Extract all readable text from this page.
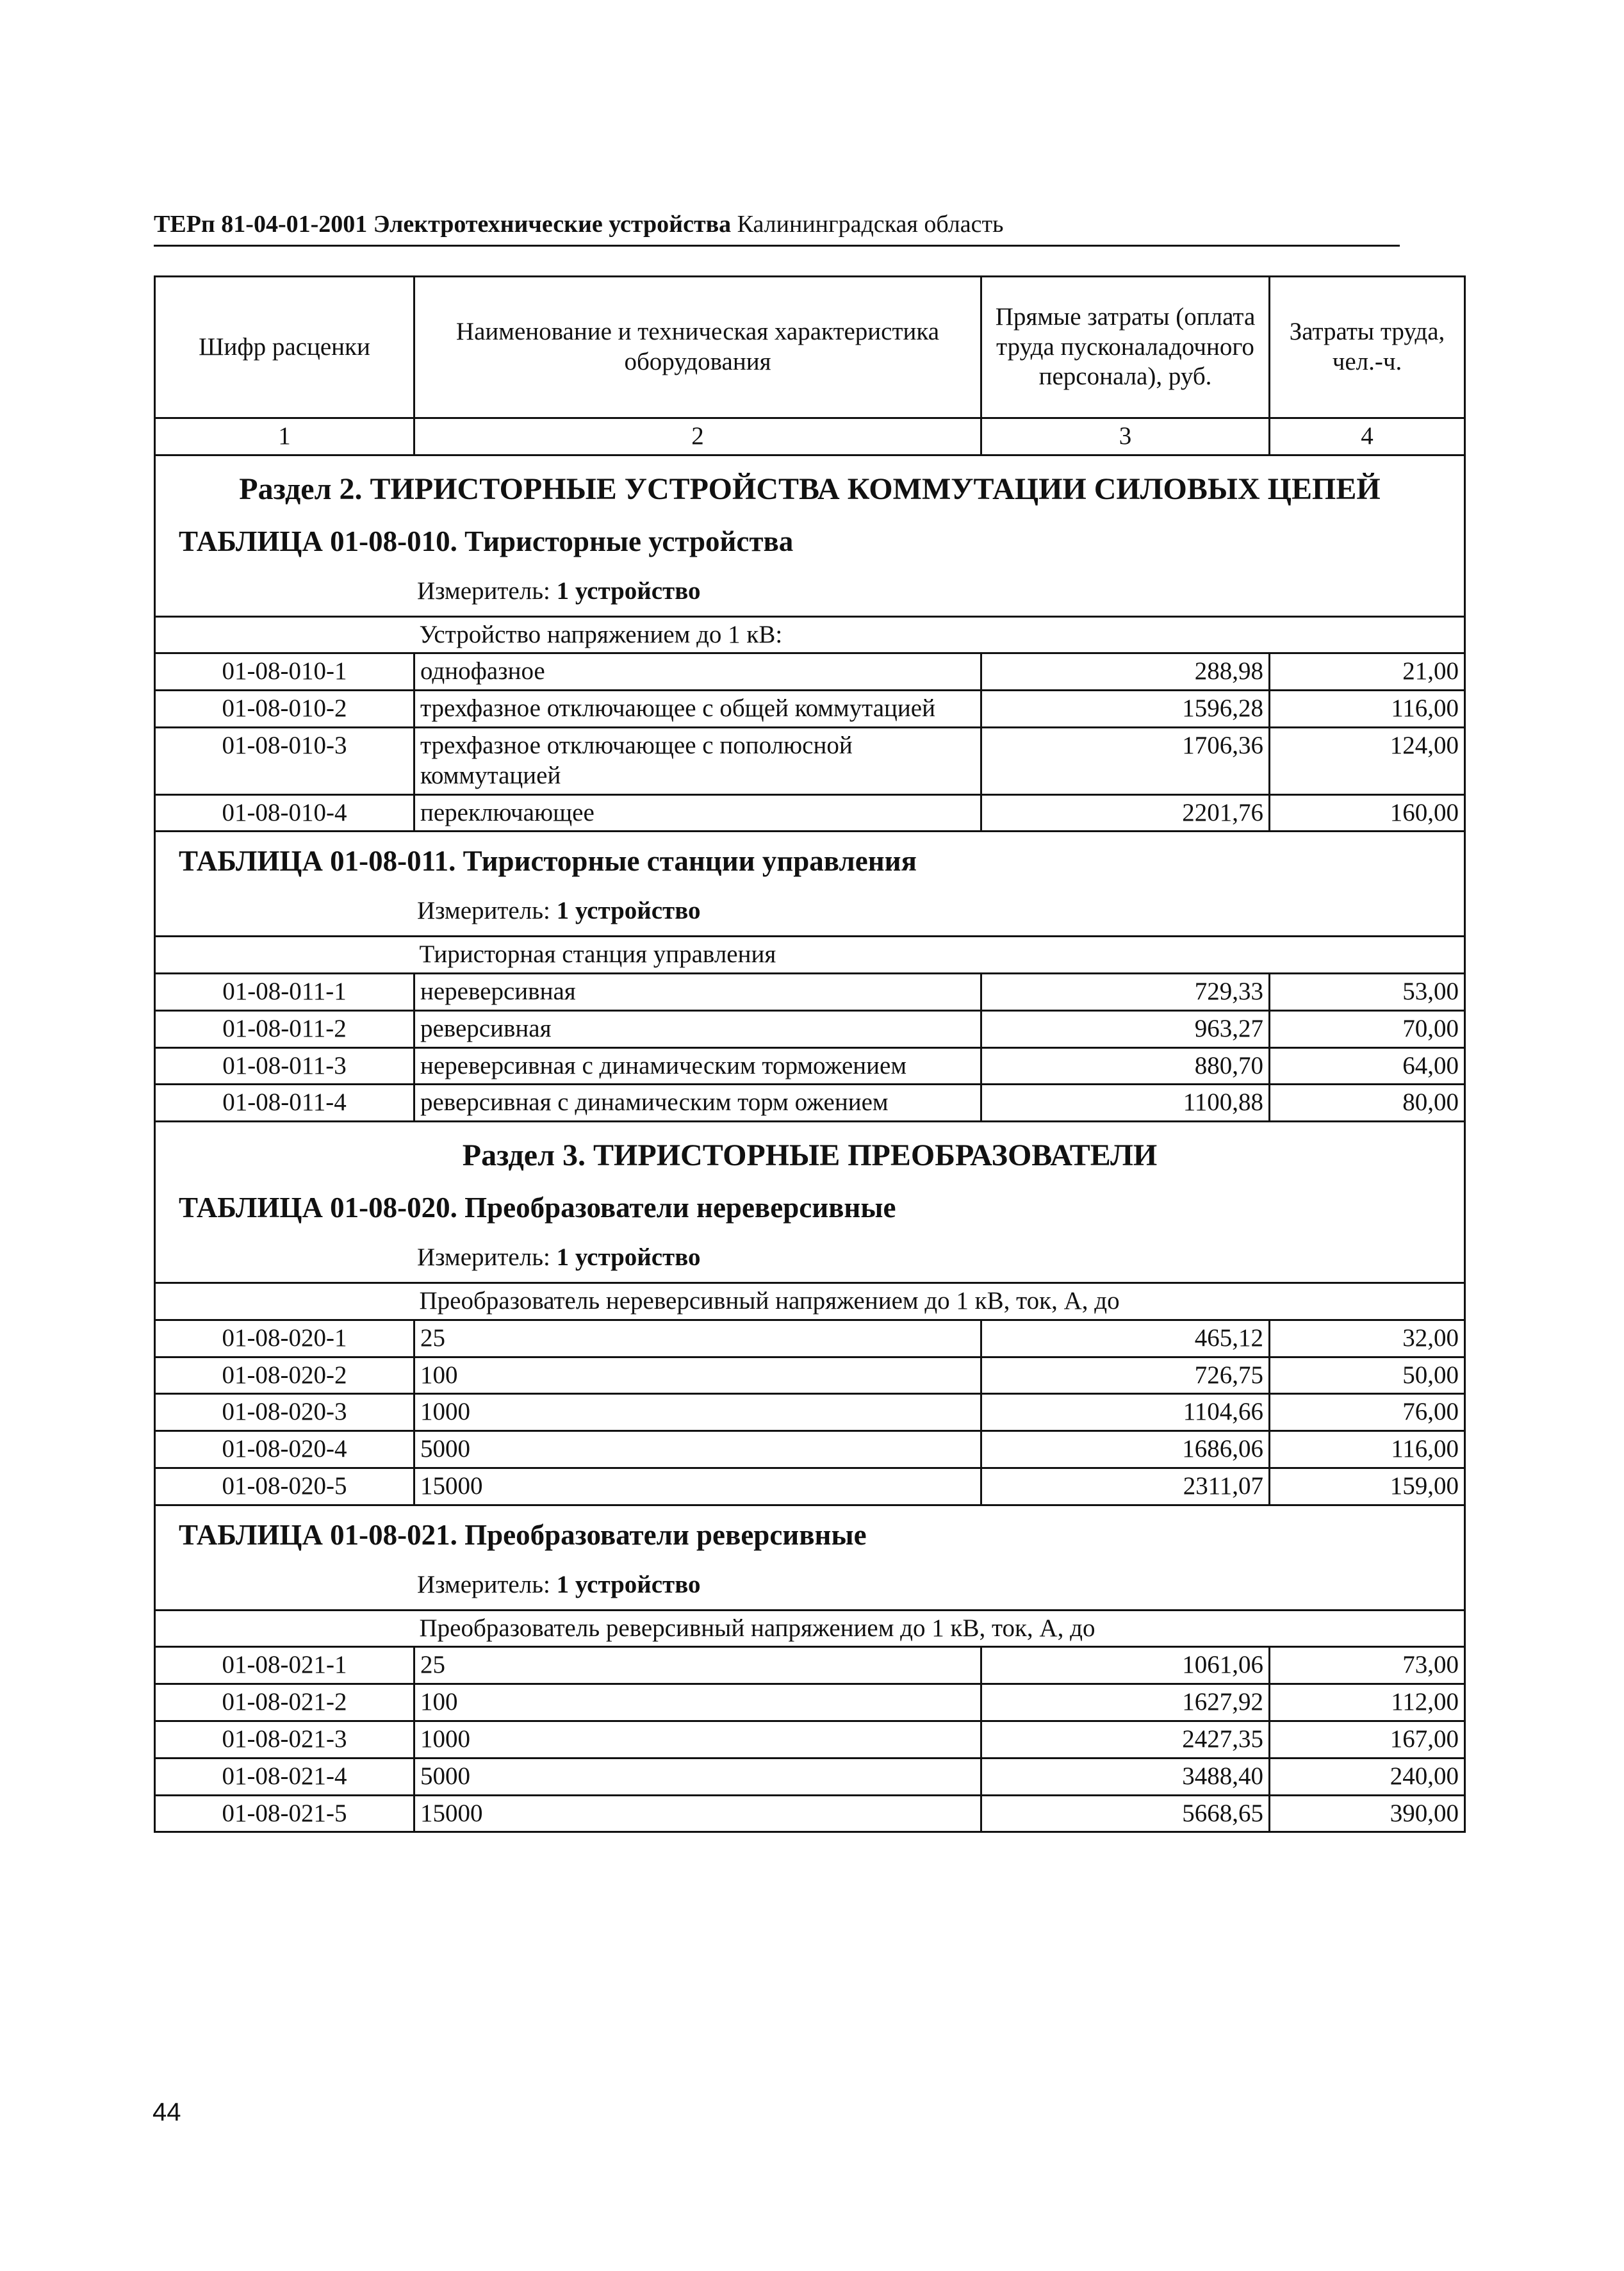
ТЕРп 81-04-01-2001 Электротехнические устройства Калининградская область
Шифр расценки	Наименование и техническая характеристика оборудования	Прямые затраты (оплата труда пусконаладочного персонала), руб.	Затраты труда, чел.-ч.
1	2	3	4

Раздел 2. ТИРИСТОРНЫЕ УСТРОЙСТВА КОММУТАЦИИ СИЛОВЫХ ЦЕПЕЙ
ТАБЛИЦА 01-08-010. Тиристорные устройства
Измеритель: 1 устройство			

	Устройство напряжением до 1 кВ:		
01-08-010-1	однофазное	288,98	21,00
01-08-010-2	трехфазное отключающее с общей коммутацией	1596,28	116,00
01-08-010-3	трехфазное отключающее с пополюсной коммутацией	1706,36	124,00
01-08-010-4	переключающее	2201,76	160,00

ТАБЛИЦА 01-08-011. Тиристорные станции управления
Измеритель: 1 устройство			

	Тиристорная станция управления		
01-08-011-1	нереверсивная	729,33	53,00
01-08-011-2	реверсивная	963,27	70,00
01-08-011-3	нереверсивная с динамическим торможением	880,70	64,00
01-08-011-4	реверсивная с динамическим торм ожением	1100,88	80,00

Раздел 3. ТИРИСТОРНЫЕ ПРЕОБРАЗОВАТЕЛИ
ТАБЛИЦА 01-08-020. Преобразователи нереверсивные
Измеритель: 1 устройство			

	Преобразователь нереверсивный напряжением до 1 кВ, ток, А, до		
01-08-020-1	25	465,12	32,00
01-08-020-2	100	726,75	50,00
01-08-020-3	1000	1104,66	76,00
01-08-020-4	5000	1686,06	116,00
01-08-020-5	15000	2311,07	159,00

ТАБЛИЦА 01-08-021. Преобразователи реверсивные
Измеритель: 1 устройство			

	Преобразователь реверсивный напряжением до 1 кВ, ток, А, до		
01-08-021-1	25	1061,06	73,00
01-08-021-2	100	1627,92	112,00
01-08-021-3	1000	2427,35	167,00
01-08-021-4	5000	3488,40	240,00
01-08-021-5	15000	5668,65	390,00
44
